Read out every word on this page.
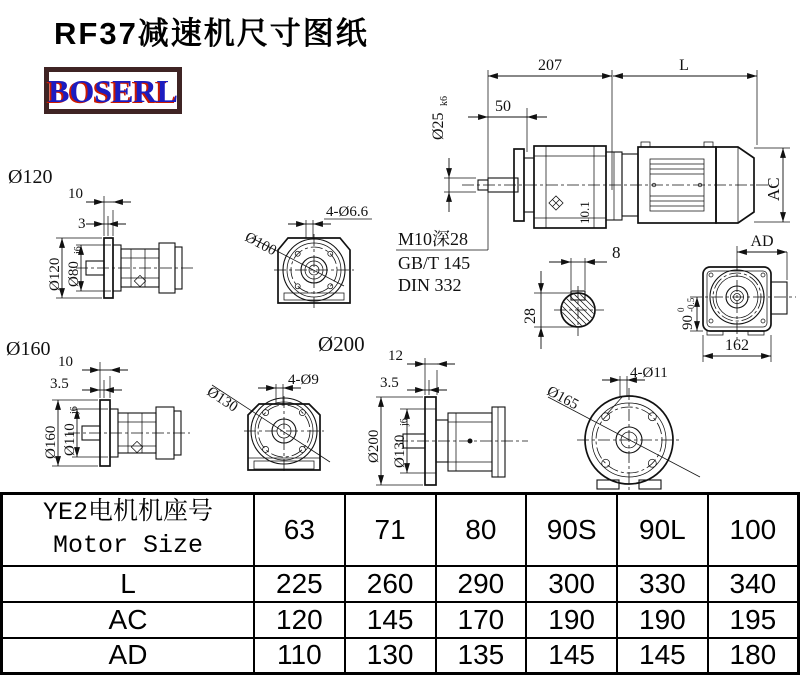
RF37减速机尺寸图纸
BOSERL
10.1
207	L
50
Ø25
k6
AC
M10深28
GB/T 145
DIN 332
8
28
AD
90
0 -0.5
162
Ø120
10
3
Ø120 Ø80
j6
4-Ø6.6
Ø100
Ø160
10
3.5
Ø160 Ø110
j6
Ø200
4-Ø9
Ø130
12
3.5
Ø200 Ø130
j6
4-Ø11
Ø165
YE2电机机座号
Motor Size	63	71	80	90S	90L	100
L	225	260	290	300	330	340
AC	120	145	170	190	190	195
AD	110	130	135	145	145	180
